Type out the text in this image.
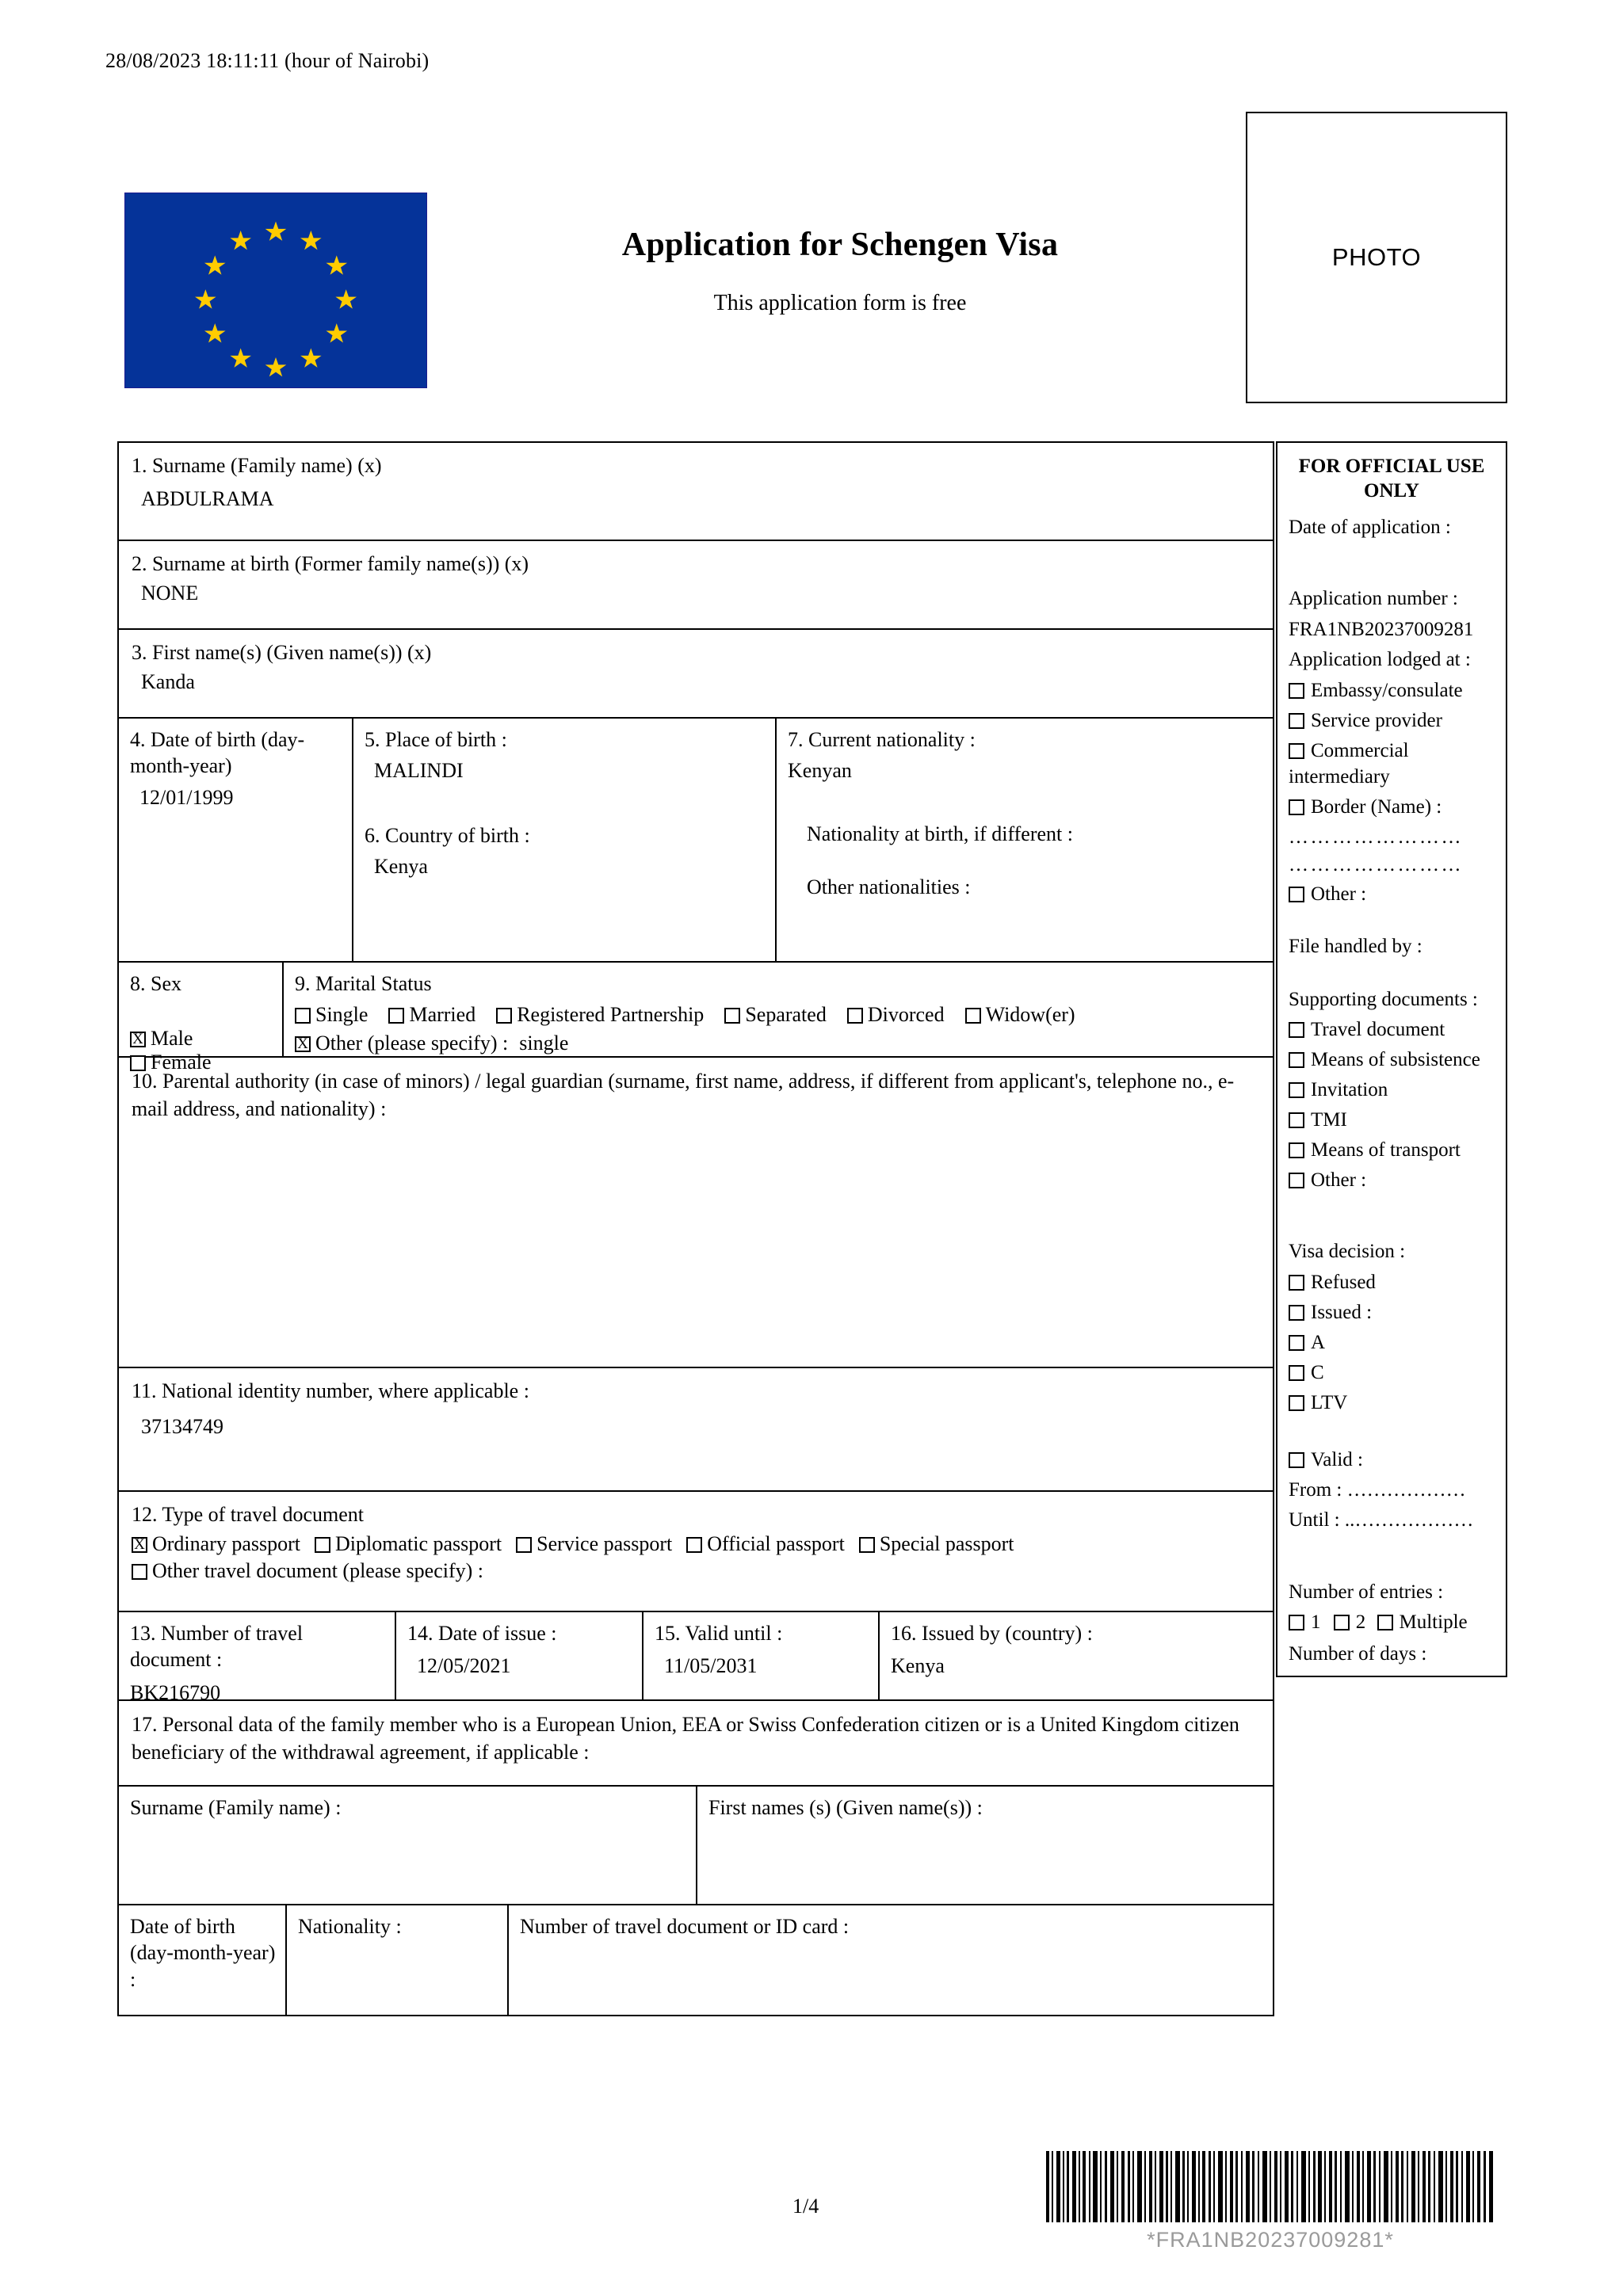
28/08/2023 18:11:11 (hour of Nairobi)
Application for Schengen Visa
This application form is free
PHOTO
1. Surname (Family name) (x)
ABDULRAMA
2. Surname at birth (Former family name(s)) (x)
NONE
3. First name(s) (Given name(s)) (x)
Kanda
4. Date of birth (day-month-year)
12/01/1999
5. Place of birth :
MALINDI
6. Country of birth :
Kenya
7. Current nationality :
Kenyan
Nationality at birth, if different :
Other nationalities :
8. Sex
XMale Female
9. Marital Status
Single Married Registered Partnership Separated Divorced Widow(er)
XOther (please specify) : single
10. Parental authority (in case of minors) / legal guardian (surname, first name, address, if different from applicant's, telephone no., e-mail address, and nationality) :
11. National identity number, where applicable :
37134749
12. Type of travel document
XOrdinary passport Diplomatic passport Service passport Official passport Special passport
Other travel document (please specify) :
13. Number of travel document :
BK216790
14. Date of issue :
12/05/2021
15. Valid until :
11/05/2031
16. Issued by (country) :
Kenya
17. Personal data of the family member who is a European Union, EEA or Swiss Confederation citizen or is a United Kingdom citizen beneficiary of the withdrawal agreement, if applicable :
Surname (Family name) :	First names (s) (Given name(s)) :
Date of birth (day-month-year) :
Nationality :	Number of travel document or ID card :
FOR OFFICIAL USE ONLY
Date of application :
Application number :
FRA1NB20237009281
Application lodged at :
Embassy/consulate
Service provider
Commercial intermediary
Border (Name) :
……………………
……………………
Other :
File handled by :
Supporting documents :
Travel document
Means of subsistence
Invitation
TMI
Means of transport
Other :
Visa decision :
Refused
Issued :
A
C
LTV
Valid :
From : ………………
Until : ..………………
Number of entries :
1 2 Multiple
Number of days :
1/4
*FRA1NB20237009281*
